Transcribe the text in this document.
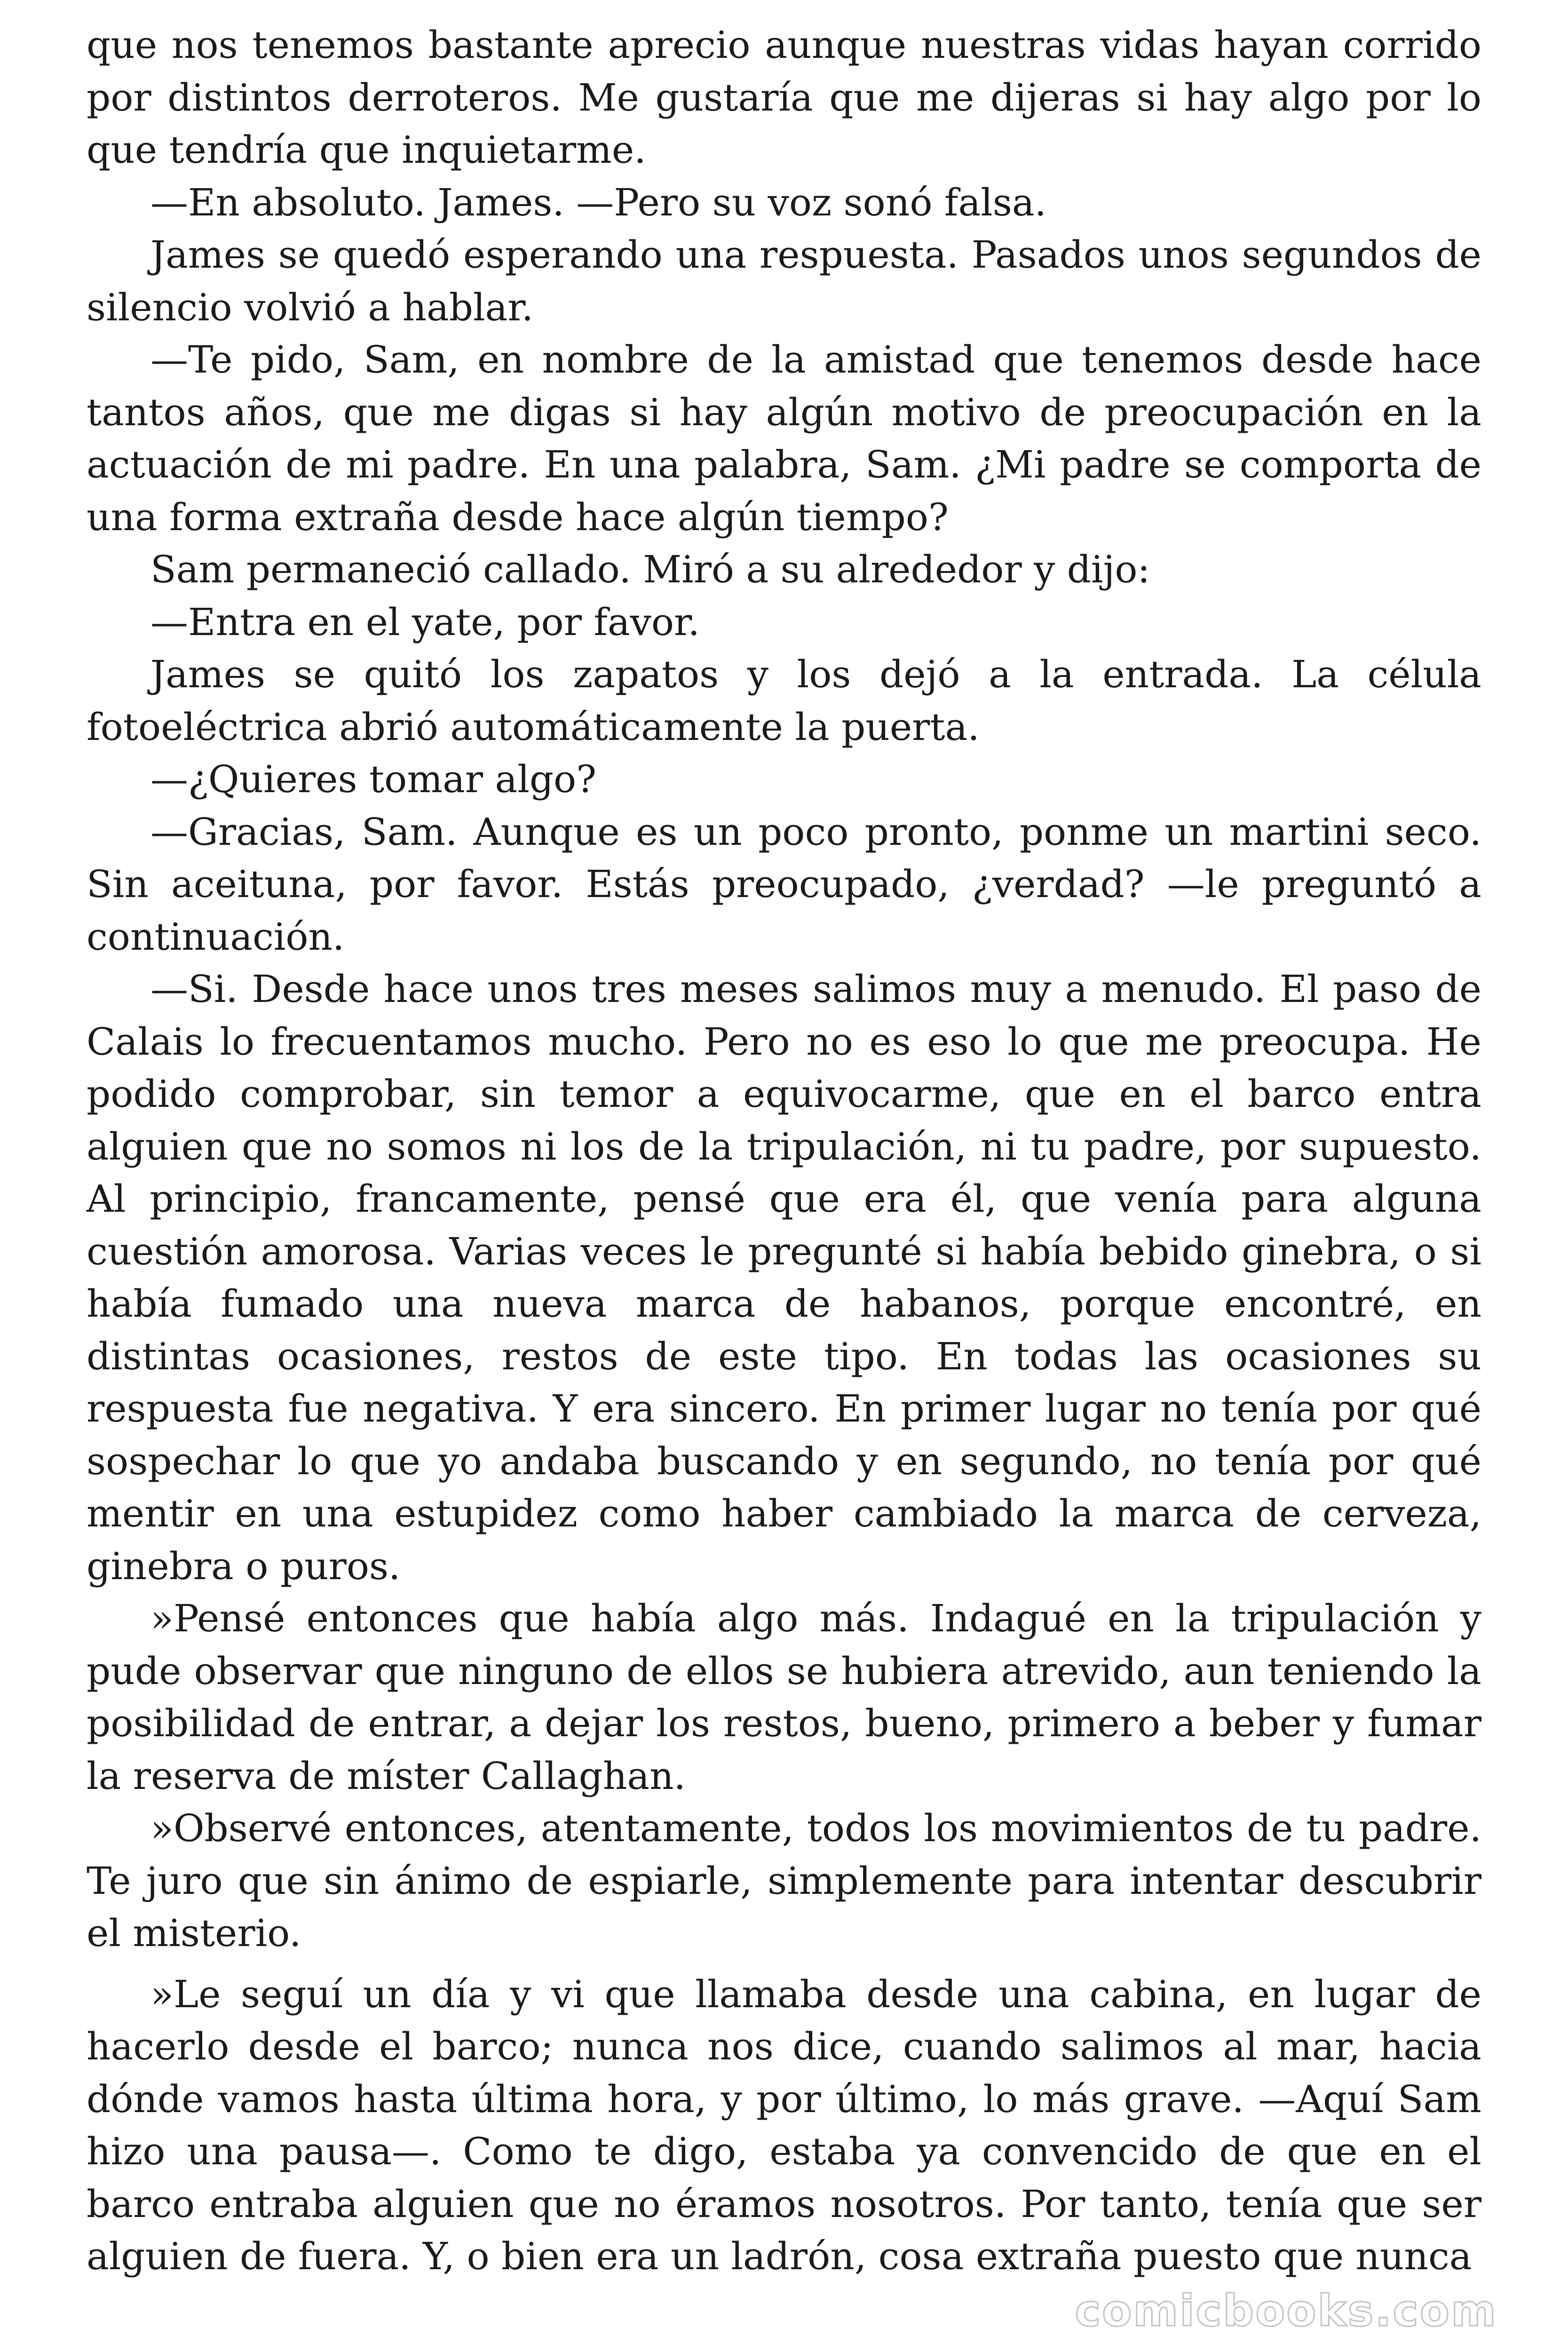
que nos tenemos bastante aprecio aunque nuestras vidas hayan corrido por distintos derroteros. Me gustaría que me dijeras si hay algo por lo que tendría que inquietarme.

—En absoluto. James. —Pero su voz sonó falsa.

James se quedó esperando una respuesta. Pasados unos segundos de silencio volvió a hablar.

—Te pido, Sam, en nombre de la amistad que tenemos desde hace tantos años, que me digas si hay algún motivo de preocupación en la actuación de mi padre. En una palabra, Sam. ¿Mi padre se comporta de una forma extraña desde hace algún tiempo?

Sam permaneció callado. Miró a su alrededor y dijo:

—Entra en el yate, por favor.

James se quitó los zapatos y los dejó a la entrada. La célula fotoeléctrica abrió automáticamente la puerta.

—¿Quieres tomar algo?

—Gracias, Sam. Aunque es un poco pronto, ponme un martini seco. Sin aceituna, por favor. Estás preocupado, ¿verdad? —le preguntó a continuación.

—Si. Desde hace unos tres meses salimos muy a menudo. El paso de Calais lo frecuentamos mucho. Pero no es eso lo que me preocupa. He podido comprobar, sin temor a equivocarme, que en el barco entra alguien que no somos ni los de la tripulación, ni tu padre, por supuesto. Al principio, francamente, pensé que era él, que venía para alguna cuestión amorosa. Varias veces le pregunté si había bebido ginebra, o si había fumado una nueva marca de habanos, porque encontré, en distintas ocasiones, restos de este tipo. En todas las ocasiones su respuesta fue negativa. Y era sincero. En primer lugar no tenía por qué sospechar lo que yo andaba buscando y en segundo, no tenía por qué mentir en una estupidez como haber cambiado la marca de cerveza, ginebra o puros.

»Pensé entonces que había algo más. Indagué en la tripulación y pude observar que ninguno de ellos se hubiera atrevido, aun teniendo la posibilidad de entrar, a dejar los restos, bueno, primero a beber y fumar la reserva de míster Callaghan.

»Observé entonces, atentamente, todos los movimientos de tu padre. Te juro que sin ánimo de espiarle, simplemente para intentar descubrir el misterio.

»Le seguí un día y vi que llamaba desde una cabina, en lugar de hacerlo desde el barco; nunca nos dice, cuando salimos al mar, hacia dónde vamos hasta última hora, y por último, lo más grave. —Aquí Sam hizo una pausa—. Como te digo, estaba ya convencido de que en el barco entraba alguien que no éramos nosotros. Por tanto, tenía que ser alguien de fuera. Y, o bien era un ladrón, cosa extraña puesto que nunca

comicbooks.com
